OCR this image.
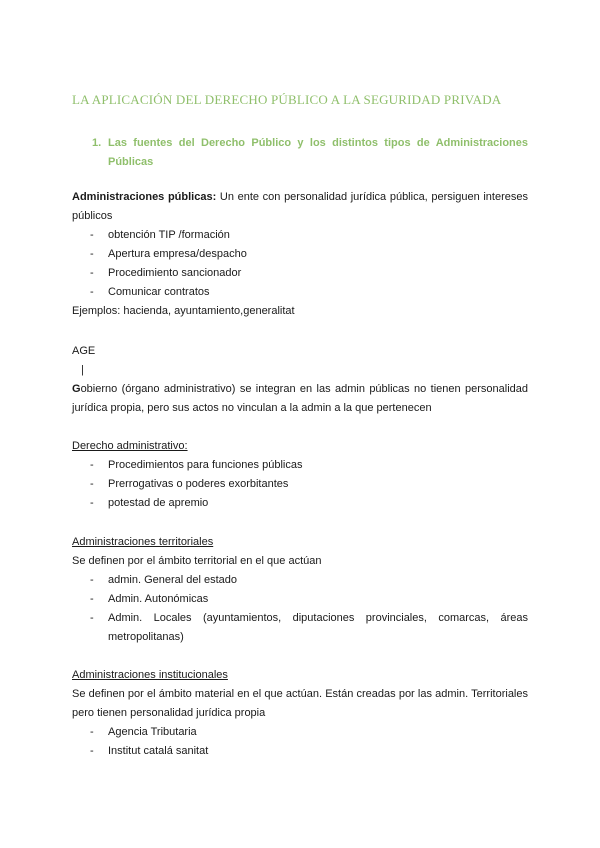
LA APLICACIÓN DEL DERECHO PÚBLICO A LA SEGURIDAD PRIVADA
1. Las fuentes del Derecho Público y los distintos tipos de Administraciones Públicas

Administraciones públicas: Un ente con personalidad jurídica pública, persiguen intereses públicos

- obtención TIP /formación
- Apertura empresa/despacho
- Procedimiento sancionador
- Comunicar contratos

Ejemplos: hacienda, ayuntamiento,generalitat

AGE

|

Gobierno (órgano administrativo) se integran en las admin públicas no tienen personalidad jurídica propia, pero sus actos no vinculan a la admin a la que pertenecen

Derecho administrativo:

- Procedimientos para funciones públicas
- Prerrogativas o poderes exorbitantes
- potestad de apremio

Administraciones territoriales

Se definen por el ámbito territorial en el que actúan

- admin. General del estado
- Admin. Autonómicas
- Admin. Locales (ayuntamientos, diputaciones provinciales, comarcas, áreas metropolitanas)

Administraciones institucionales

Se definen por el ámbito material en el que actúan. Están creadas por las admin. Territoriales pero tienen personalidad jurídica propia

- Agencia Tributaria
- Institut catalá sanitat
